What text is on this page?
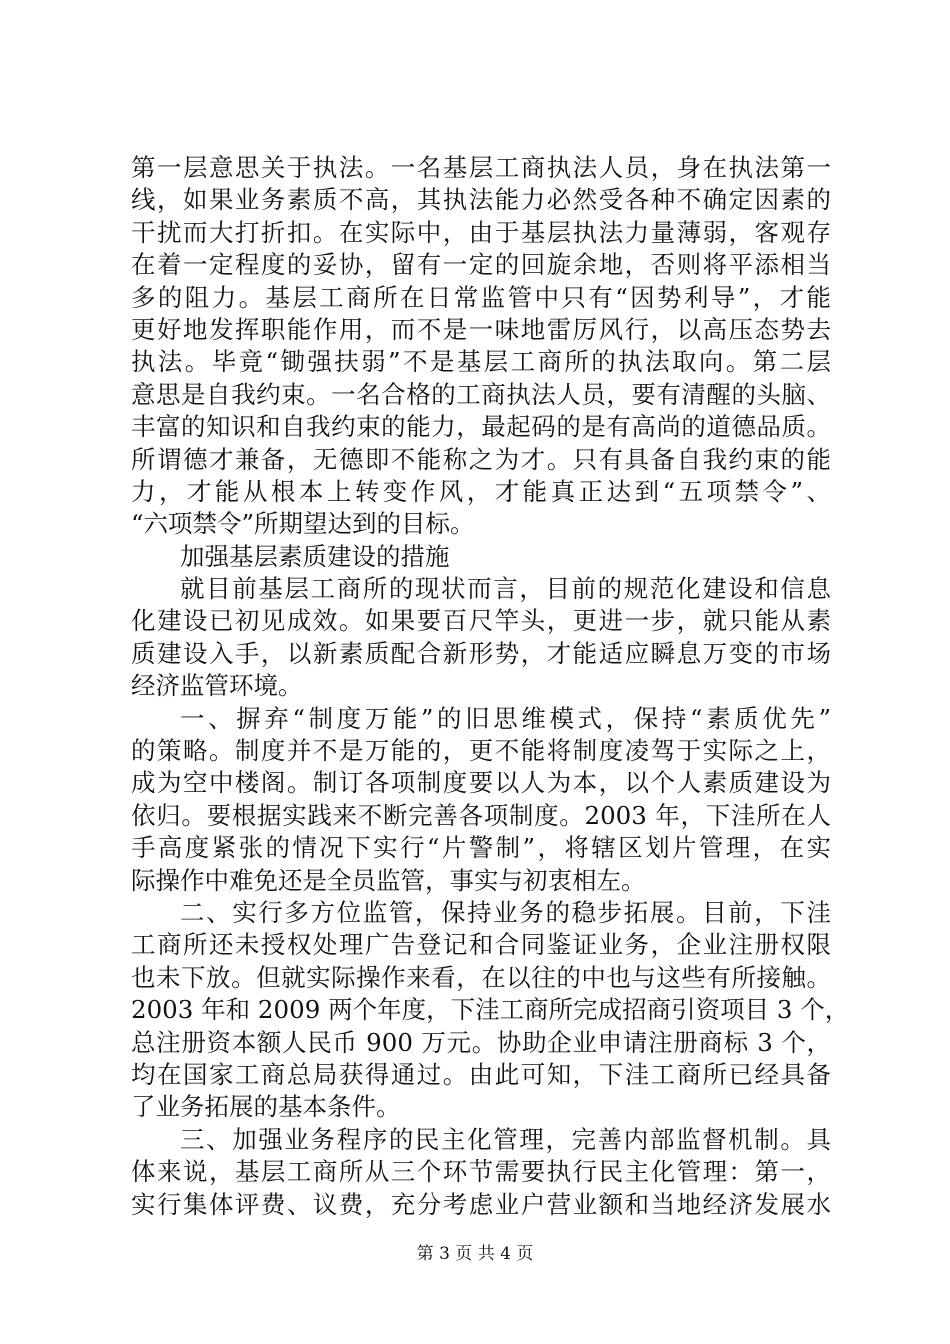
第一层意思关于执法。一名基层工商执法人员，身在执法第一
线，如果业务素质不高，其执法能力必然受各种不确定因素的
干扰而大打折扣。在实际中，由于基层执法力量薄弱，客观存
在着一定程度的妥协，留有一定的回旋余地，否则将平添相当
多的阻力。基层工商所在日常监管中只有“因势利导”，才能
更好地发挥职能作用，而不是一味地雷厉风行，以高压态势去
执法。毕竟“锄强扶弱”不是基层工商所的执法取向。第二层
意思是自我约束。一名合格的工商执法人员，要有清醒的头脑、
丰富的知识和自我约束的能力，最起码的是有高尚的道德品质。
所谓德才兼备，无德即不能称之为才。只有具备自我约束的能
力，才能从根本上转变作风，才能真正达到“五项禁令”、
“六项禁令”所期望达到的目标。
加强基层素质建设的措施
就目前基层工商所的现状而言，目前的规范化建设和信息
化建设已初见成效。如果要百尺竿头，更进一步，就只能从素
质建设入手，以新素质配合新形势，才能适应瞬息万变的市场
经济监管环境。
一、摒弃“制度万能”的旧思维模式，保持“素质优先”
的策略。制度并不是万能的，更不能将制度凌驾于实际之上，
成为空中楼阁。制订各项制度要以人为本，以个人素质建设为
依归。要根据实践来不断完善各项制度。2003 年，下洼所在人
手高度紧张的情况下实行“片警制”，将辖区划片管理，在实
际操作中难免还是全员监管，事实与初衷相左。
二、实行多方位监管，保持业务的稳步拓展。目前，下洼
工商所还未授权处理广告登记和合同鉴证业务，企业注册权限
也未下放。但就实际操作来看，在以往的中也与这些有所接触。
2003 年和 2009 两个年度，下洼工商所完成招商引资项目 3 个，
总注册资本额人民币 900 万元。协助企业申请注册商标 3 个，
均在国家工商总局获得通过。由此可知，下洼工商所已经具备
了业务拓展的基本条件。
三、加强业务程序的民主化管理，完善内部监督机制。具
体来说，基层工商所从三个环节需要执行民主化管理：第一，
实行集体评费、议费，充分考虑业户营业额和当地经济发展水
第 3 页 共 4 页
